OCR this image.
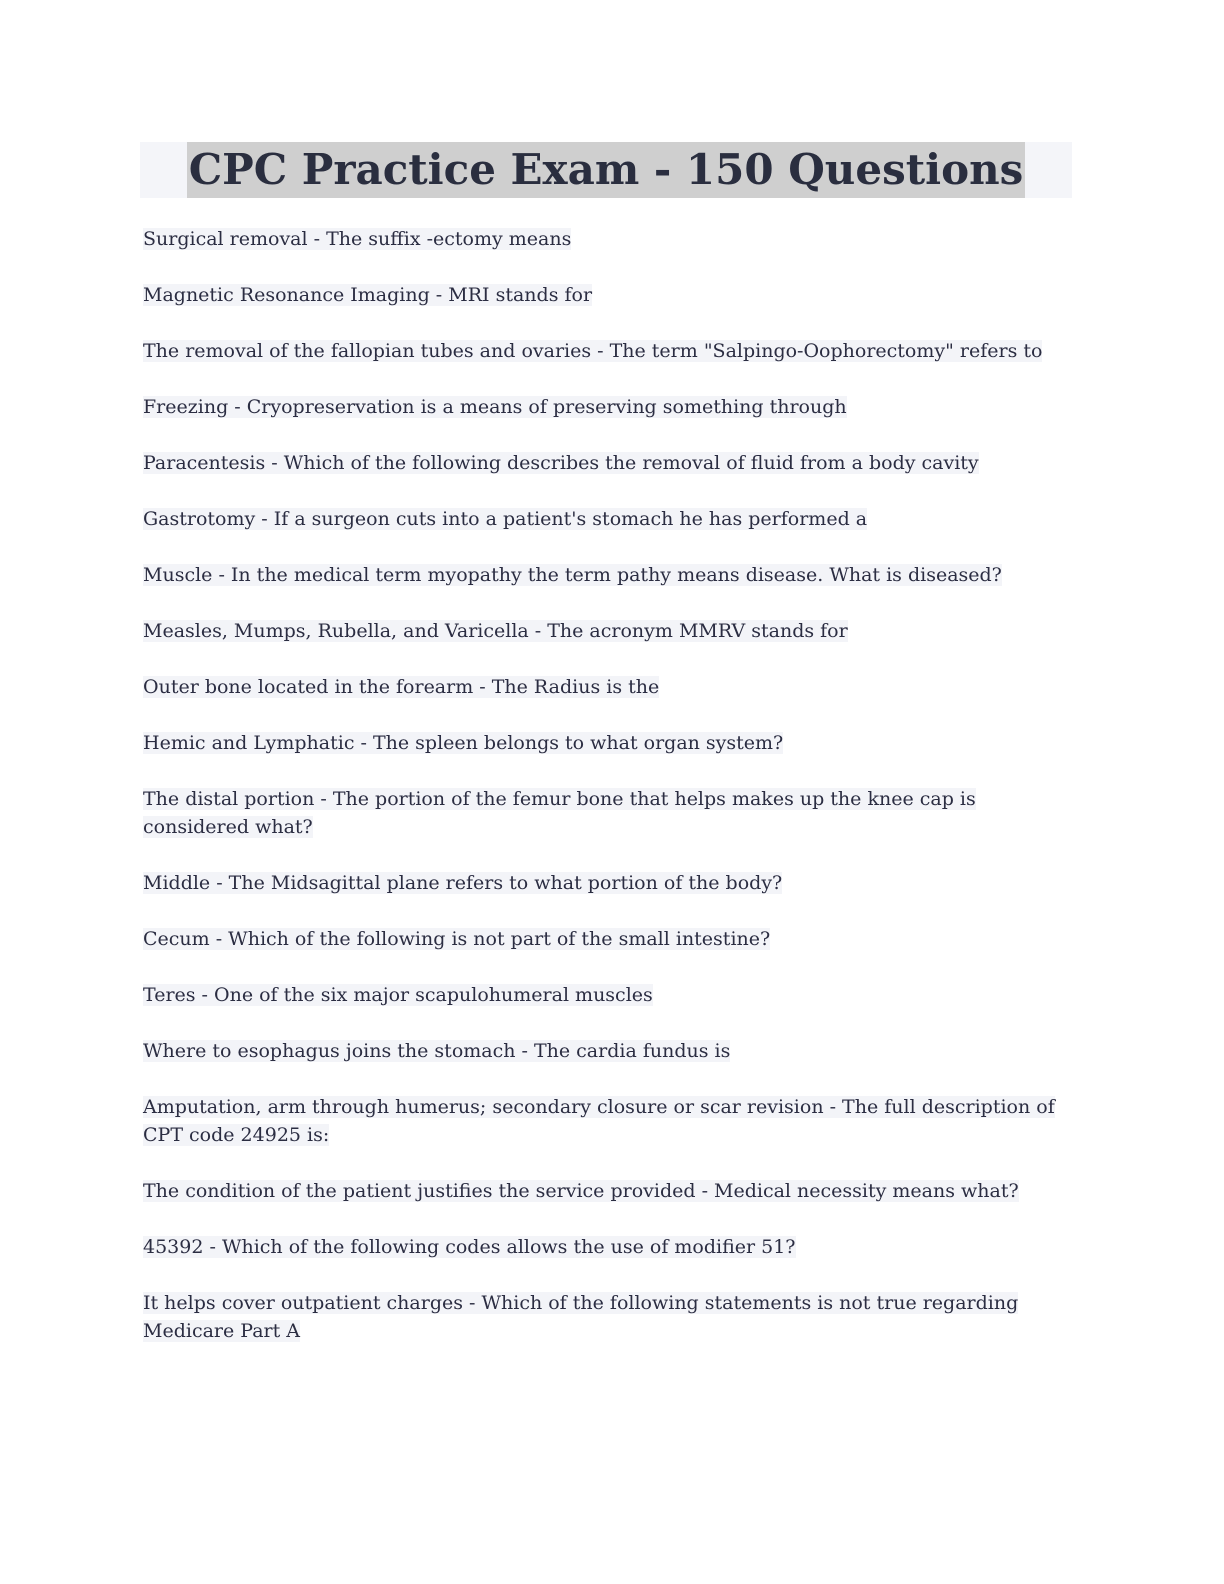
CPC Practice Exam - 150 Questions

Surgical removal - The suffix -ectomy means

Magnetic Resonance Imaging - MRI stands for

The removal of the fallopian tubes and ovaries - The term "Salpingo-Oophorectomy" refers to

Freezing - Cryopreservation is a means of preserving something through

Paracentesis - Which of the following describes the removal of fluid from a body cavity

Gastrotomy - If a surgeon cuts into a patient's stomach he has performed a

Muscle - In the medical term myopathy the term pathy means disease. What is diseased?

Measles, Mumps, Rubella, and Varicella - The acronym MMRV stands for

Outer bone located in the forearm - The Radius is the

Hemic and Lymphatic - The spleen belongs to what organ system?

The distal portion - The portion of the femur bone that helps makes up the knee cap is considered what?

Middle - The Midsagittal plane refers to what portion of the body?

Cecum - Which of the following is not part of the small intestine?

Teres - One of the six major scapulohumeral muscles

Where to esophagus joins the stomach - The cardia fundus is

Amputation, arm through humerus; secondary closure or scar revision - The full description of CPT code 24925 is:

The condition of the patient justifies the service provided - Medical necessity means what?

45392 - Which of the following codes allows the use of modifier 51?

It helps cover outpatient charges - Which of the following statements is not true regarding Medicare Part A
